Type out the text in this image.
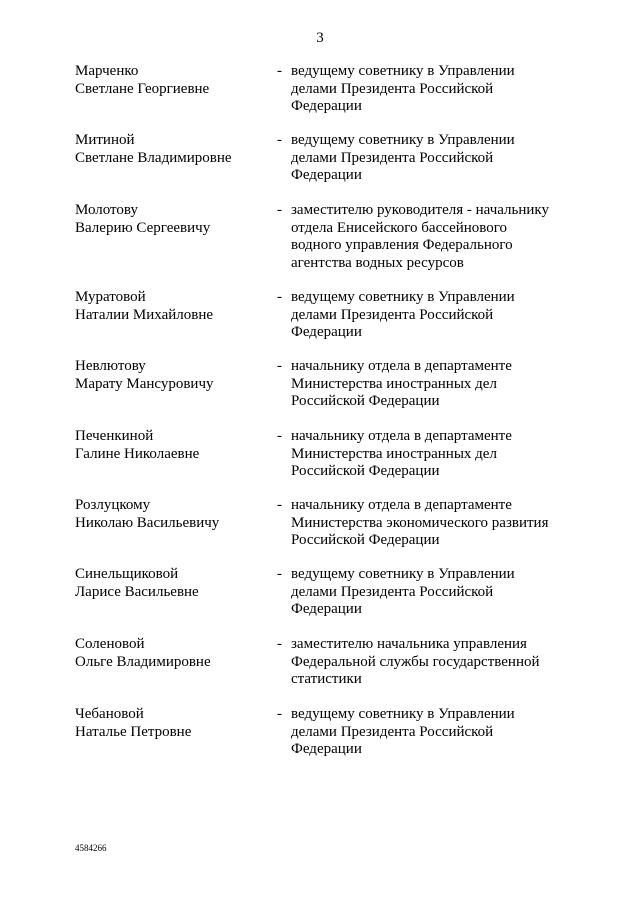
3
Марченко
Светлане Георгиевне
- ведущему советнику в Управлении
делами Президента Российской
Федерации
Митиной
Светлане Владимировне
- ведущему советнику в Управлении
делами Президента Российской
Федерации
Молотову
Валерию Сергеевичу
- заместителю руководителя - начальнику
отдела Енисейского бассейнового
водного управления Федерального
агентства водных ресурсов
Муратовой
Наталии Михайловне
- ведущему советнику в Управлении
делами Президента Российской
Федерации
Невлютову
Марату Мансуровичу
- начальнику отдела в департаменте
Министерства иностранных дел
Российской Федерации
Печенкиной
Галине Николаевне
- начальнику отдела в департаменте
Министерства иностранных дел
Российской Федерации
Розлуцкому
Николаю Васильевичу
- начальнику отдела в департаменте
Министерства экономического развития
Российской Федерации
Синельщиковой
Ларисе Васильевне
- ведущему советнику в Управлении
делами Президента Российской
Федерации
Соленовой
Ольге Владимировне
- заместителю начальника управления
Федеральной службы государственной
статистики
Чебановой
Наталье Петровне
- ведущему советнику в Управлении
делами Президента Российской
Федерации
4584266
